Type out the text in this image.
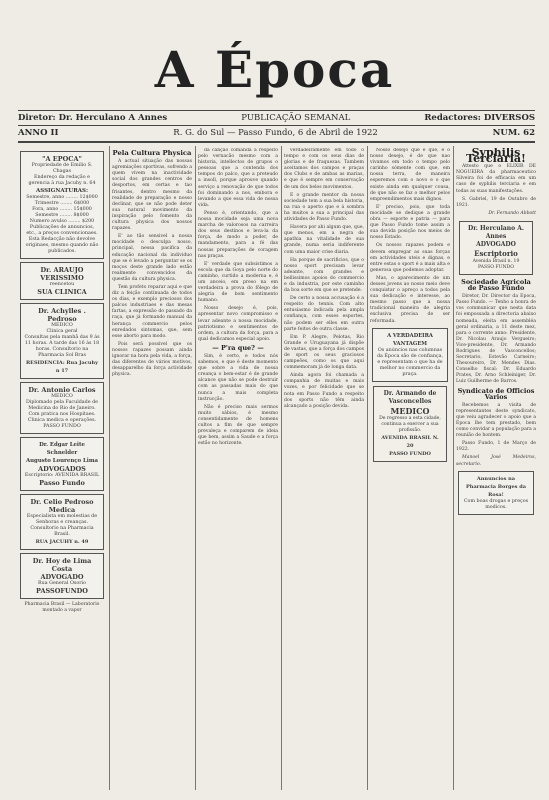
A Época
Diretor: Dr. Herculano A Annes	PUBLICAÇÃO SEMANAL	Redactores: DIVERSOS
ANNO II	R. G. do Sul — Passo Fundo, 6 de Abril de 1922	NUM. 62
"A EPOCA"
Propriedade de Emilio S. Chagas
Endereço da redação e gerencia à rua Jacuhy n. 64
ASSIGNATURAS:
Semestre, anno ........ 12$000
Trimestre ........ 6$000
Fora, anno ........ 15$000
Semestre ........ 8$000
Numero avulso ........ $200
Publicações de annuncios, etc., a preços convencionaes.
Esta Redacção não devolve originaes, mesmo quando não publicados.
Dr. ARAUJO VERISSIMO
reencetou
SUA CLINICA
Dr. Achylles . Pedroso
MEDICO
Clinica geral
Consultas pela manhã das 9 ás 11 horas. A tarde das 16 ás 18 horas. Consultorio na Pharmacia Sol Bras
RESIDENCIA: Rua Jacuhy n 17
Dr. Antonio Carlos
MEDICO
Diplomado pela Faculdade de Medicina do Rio de Janeiro. Com pratica nos Hospitaes. Clinica medica e operações.
PASSO FUNDO
Dr. Edgar Leite Schnelder
Augusto Lourenço Lima
ADVOGADOS
Escriptorio: AVENIDA BRASIL
Passo Fundo
Dr. Celio Pedroso
Medica
Especialista em molestias de Senhoras e creanças. Consultorio na Pharmacia Brasil.
RUA JACUHY n. 49
Dr. Hoy de Lima Costa
ADVOGADO
Rua General Osorio
PASSOFUNDO
Pharmacia Brasil — Laboratorio montado a vapor
Pela Cultura Physica

A actual situação das nossas agremiações sportivas, sofrendo a quem vivem na inactividade social dos grandes centros de desportos, em certas e tao frisantes, dentro mesmo da realidade de preparação e nosso declinar, que se não pode deter sua natural movimento da inspiração pelo fomento da cultura physica dos nossos rapazes.

E' ao tão sensivel a nossa mocidade o desculpa nosso, principal, nessa pacifica da educação nacional da individuo que se é levado a perguntar se os moços deste grande lado estão realmente convencidos da questão da cultura physica.

Tem profeto reparar aqui e que diz a feição continuada de todos os dias, e exemplo preciosos dos palcos industriaes e das mesas fartas, a expressão do passado da raça, que já formando manual da herança commercio pelos enredados sintomas, que, sem esse aborto para modo.

Pois será possivel que os nossos rapazes possam ainda ignorar na hora pela vida, a força, das diferentes de vários motivos, desapparelho da força actividade physica.

da canção comanda a respeito pelo vernacão mesmo com a historia, intellectos de grupos o pessoas que a contenda dos tempos do palco, que a preteudo a insoll, porque aprouve quando serviço a renovação de que todos foi dominando a nos, embora e levando a que essa vida de nossa vida.

Penso é, orientando, que a nossa mocidade seja uma nova marcha de valorosos na carreira dos seus destinos e leva-la da força, de modo a poder, de mandamento, para a fé das nossas preparações de coragem nas praças.

E' verdade que subsistimos a escola que da Goya pelo norte do caminho, curtido a moderna e, é um anceio, em preso na em verdadeira a prova do fôlego de alegria de bom sentimento humano.

Nosso desejo é, pois, apresentar novo compromisso e levar adeante a nossa mocidade, patriotismo e sentimentos de ordem, a cultura da força, para a qual dedicamos especial apoio.

— P'ra que? —

Sim, é certo, e todos nós sabemos, e que é deste momento que sobre a vida de nossa creança o bem-estar é de grande alcance que não se pode destruir com as passadas mais do que nunca a mais completa instrucção.

Não é preciso mais sermos muito sábios, é mesmo consentidamente de homens cultos a fim de que sempre prevaleça e comparem de ideia que bem, assim a Saude e a força estão no horizonte.

verdadeiramente em todo o tempo e com os seus dias de glorias e de fraquezas. Tambem aceitamos dos campos e praças dos Clubs e de ambas as marias, e que é sempre em conservação de um dos belos movimentos.

E o grande mentor da nossa sociedade tem a sua bela historia, na rua o aperto que e á sombra ha muitos a sua a principal das atividades de Passo Fundo.

Havera por ahi algum que, que, que menos, em a negra de apathia na vitalidade de sua grande, numa seria indiferente com uma maior crise diaria.

Ha porque de sacrificios, que o nosso sport precisam levar adeante, com grandes e bellissimos apoios do commercio e da industria, por este caminho da boa sorte em que se pretende.

De certo a nossa accusação é a respeito do tennis. Com alto entusiasmo indicada pela ampla confiança, com esses esportes, não podem ser elles em outra parte feitos de outra classe.

Em P. Alegre, Pelotas, Rio Grande e Uruguayana já dispõe de vastas, que a força dos campos de sport os seus graciosos campeões, como os que aqui commemoram já de longa data.

Ainda agora foi chamada a companhia de muitas e mais vozes, e por felicidade que se nota em Passo Fundo a respeito dos sports não têm ainda alcançado a posição devida.

Nosso desejo que é que, e o nosso desejo, é de que nao vivamos em todo o tempo pelo carinho sómente com que, em nossa terra, de maneira esperemos com o novo e o que existe ainda em qualquer cousa, de que não se faz o melhor pelos empreendimentos mais dignos.

E' preciso, pois, que toda mocidade se dedique a grande obra — esporte e patria — para que Passo Fundo tome assim a sua devida posição nos meios de nosso Estado.

Os nossos rapazes podem e devem empregar as suas forças em actividades uteis e dignas, e entre estas o sport é a mais alta e generosa que podemos adoptar.

Mas, o aparecimento de um desses jovens ao nosso meio deve conquistar o apreço a todos pela sua dedicação e interesse, ao mesmo passo que a nossa tradicional maneira de alegria exclusiva precisa de ser reformada.

A VERDADEIRA VANTAGEM
Os anúncios nas columnas da Época são de confiança, e representam o que ha de melhor no commercio da praça.
Dr. Armando de Vasconcellos
MEDICO
De regresso a esta cidade, continua a exercer a sua profissão.
AVENIDA BRASIL N. 20
PASSO FUNDO
Syphilis Terciaria!

Attesto que o ELIXIR DE NOGUEIRA da pharmaceutico Silveira foi de efficacia em um caso de syphilis terciaria e em todas as suas manifestações.

S. Gabriel, 19 de Outubro de 1921.

Dr. Fernando Abbott

Dr. Herculano A. Annes
ADVOGADO
Escriptorio
Avenida Brasil n. 19
PASSO FUNDO
Sociedade Agricola de Passo Fundo

Diretor, Dr. Director da Epoca, Passo Fundo. — Tenho a honra de vos communicar que nesta data foi empossada a directoria abaixo nomeada, eleita em assembléa geral ordinaria, a 11 deste mez, para o corrente anno: Presidente, Dr. Nicolau Araujo Vergueiro; Vice-presidente, Dr. Armando Rodrigues de Vasconcellos; Secretario, Estevão Carneiro; Thesoureiro, Dr. Mendes Dias. Conselho fiscal: Dr. Eduardo Prates, Dr. Arno Schleiniger, Dr. Luiz Guilherme de Barros.

Syndicato de Officios Varios

Recebemos a visita de representantes deste syndicato, que veiu agradecer o apoio que a Época lhe tem prestado, bem como convidar a população para a reunião de hontem.

Passo Fundo, 1 de Março de 1922.

Manoel José Medeiros, secretario.

Annuncios na Pharmacia Borges da Rosa!
Com boas drogas e preços modicos.
